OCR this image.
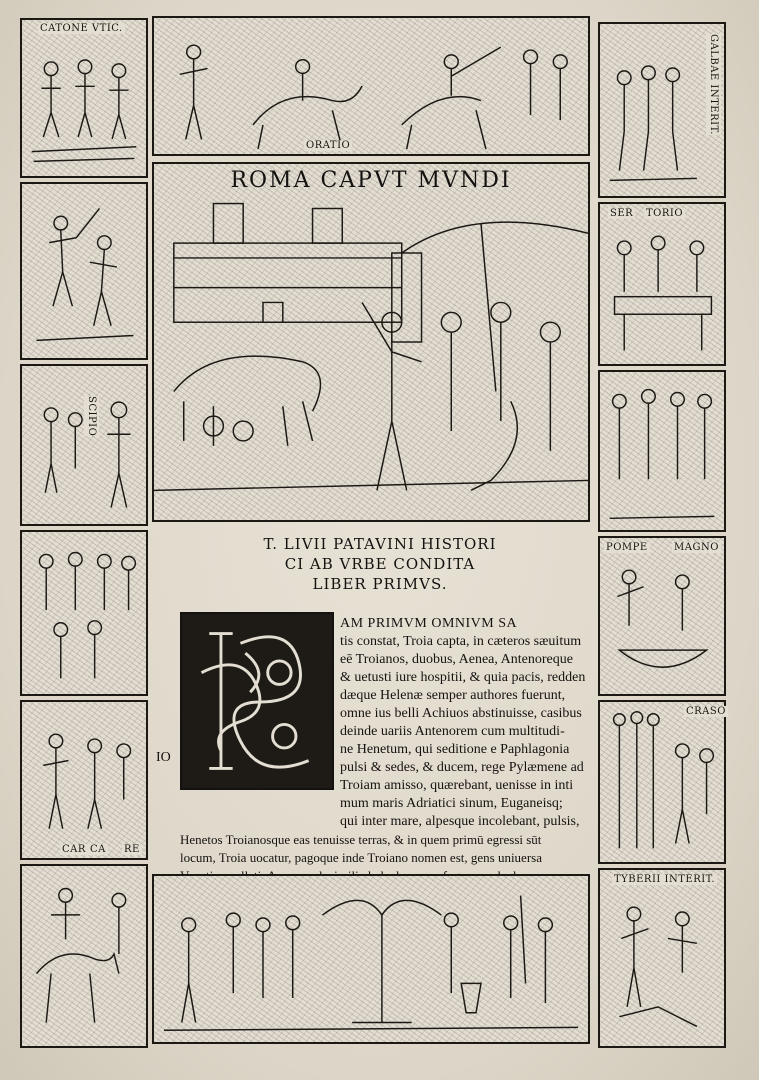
CATONE VTIC.
SCIPIO
CAR CA RE
GALBAE INTERIT.
SER TORIO
POMPE	MAGNO
CRASO
TYBERII INTERIT.
ORATIO
ROMA CAPVT MVNDI
T. LIVII PATAVINI HISTORI
CI AB VRBE CONDITA
LIBER PRIMVS.
AM PRIMVM OMNIVM SA
tis constat, Troia capta, in cæteros sæuitum
eē Troianos, duobus, Aenea, Antenoreque
& uetusti iure hospitii, & quia pacis, redden
dæque Helenæ semper authores fuerunt,
omne ius belli Achiuos abstinuisse, casibus
deinde uariis Antenorem cum multitudi-
ne Henetum, qui seditione e Paphlagonia
pulsi & sedes, & ducem, rege Pylæmene ad
Troiam amisso, quærebant, uenisse in inti
mum maris Adriatici sinum, Euganeisq;
qui inter mare, alpesque incolebant, pulsis,
Henetos Troianosque eas tenuisse terras, & in quem primū egressi sūt
locum, Troia uocatur, pagoque inde Troiano nomen est, gens uniuersa
IO
